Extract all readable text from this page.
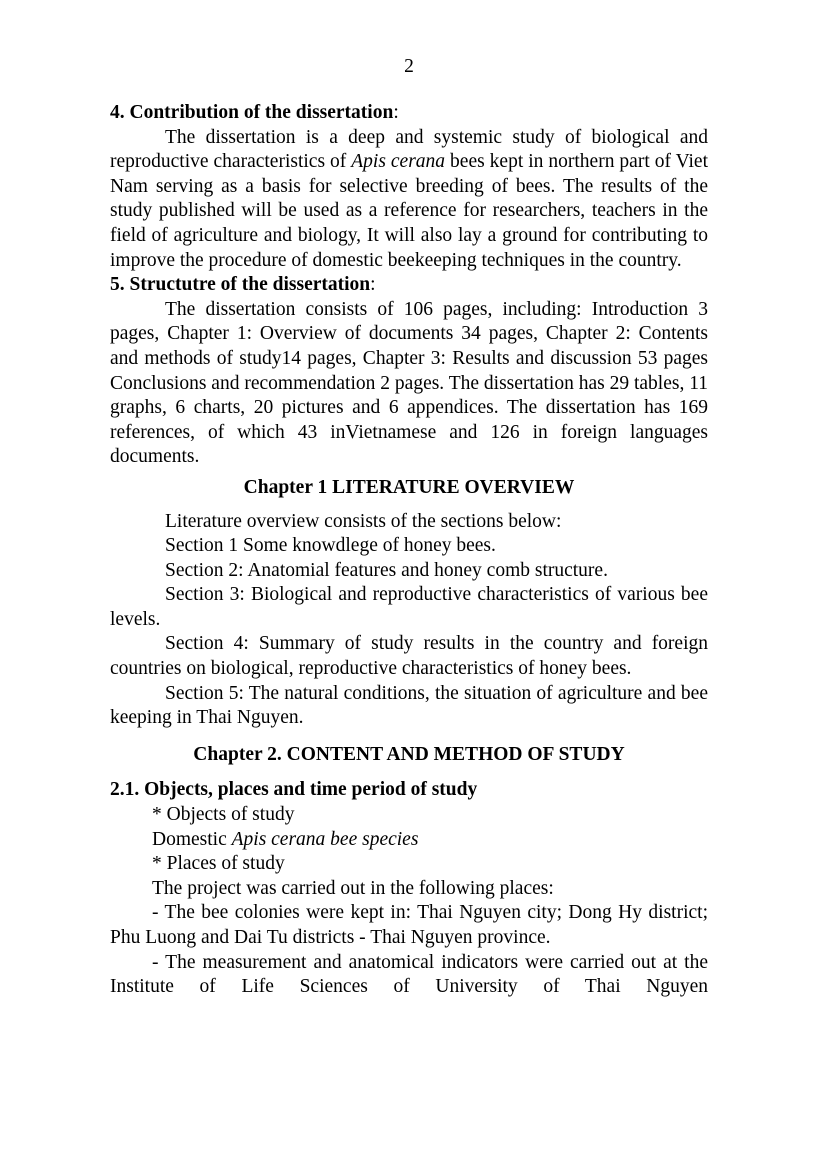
2

4. Contribution of the dissertation:

The dissertation is a deep and systemic study of biological and reproductive characteristics of Apis cerana bees kept in northern part of Viet Nam serving as a basis for selective breeding of bees. The results of the study published will be used as a reference for researchers, teachers in the field of agriculture and biology, It will also lay a ground for contributing to improve the procedure of domestic beekeeping techniques in the country.

5. Structutre of the dissertation:

The dissertation consists of 106 pages, including: Introduction 3 pages, Chapter 1: Overview of documents 34 pages, Chapter 2: Contents and methods of study14 pages, Chapter 3: Results and discussion 53 pages Conclusions and recommendation 2 pages. The dissertation has 29 tables, 11 graphs, 6 charts, 20 pictures and 6 appendices. The dissertation has 169 references, of which 43 inVietnamese and 126 in foreign languages documents.

Chapter 1 LITERATURE OVERVIEW

Literature overview consists of the sections below:

Section 1 Some knowdlege of honey bees.

Section 2: Anatomial features and honey comb structure.

Section 3: Biological and reproductive characteristics of various bee levels.

Section 4: Summary of study results in the country and foreign countries on biological, reproductive characteristics of honey bees.

Section 5: The natural conditions, the situation of agriculture and bee keeping in Thai Nguyen.

Chapter 2. CONTENT AND METHOD OF STUDY

2.1. Objects, places and time period of study

* Objects of study

Domestic Apis cerana bee species

* Places of study

The project was carried out in the following places:

- The bee colonies were kept in: Thai Nguyen city; Dong Hy district; Phu Luong and Dai Tu districts - Thai Nguyen province.

- The measurement and anatomical indicators were carried out at the Institute of Life Sciences of University of Thai Nguyen
